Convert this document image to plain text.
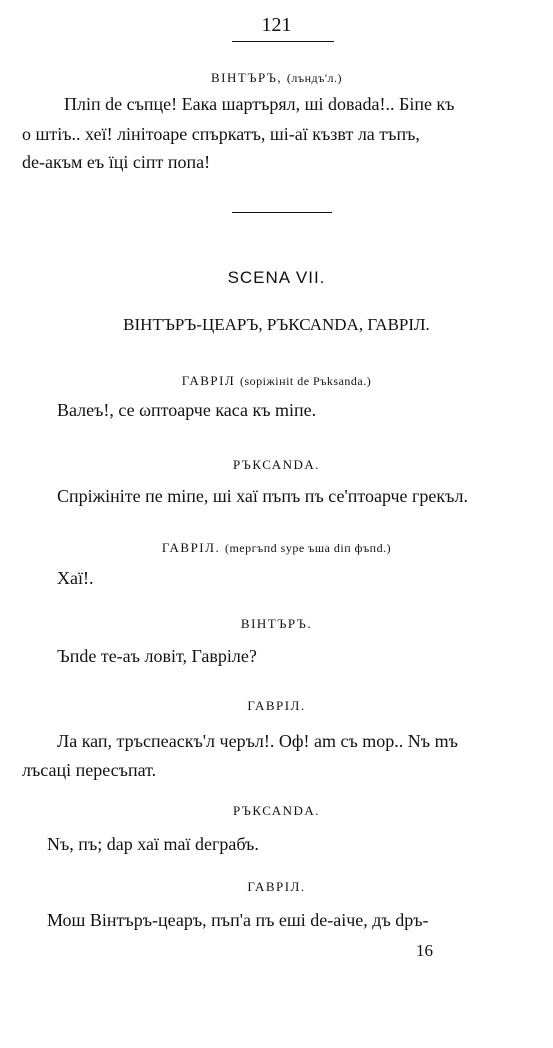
121
ВІНТЪРЪ, (лъндъ'л.)
Пліп de съпце! Еака шартърял, ші dовada!.. Біпе къ
о штіъ.. хеї! лінітоаре спъркатъ, ші-аї къзвт ла тъпъ,
dе-акъм еъ їці сіпт попа!
SCENA VII.
ВІНТЪРЪ-ЦЕАРЪ, РЪКСАNDА, ГАВРІЛ.
ГАВРІЛ (sоріжініt dе Ръksаndа.)
Валеъ!, се ωптоарче каса къ mіпе.
РЪКСАNDА.
Спріжініте пе mіпе, ші хаї пъпъ пъ се'птоарче грекъл.
ГАВРІЛ. (mергъпd sуре ъша dіп фъпd.)
Хаї!.
ВІНТЪРЪ.
Ъпdе те-аъ ловіт, Гавріле?
ГАВРІЛ.
Ла кап, тръспеаскъ'л черъл!. Оф! аm съ mор.. Nъ mъ
лъсаці пересъпат.
РЪКСАNDА.
Nъ, пъ; dар хаї mаї dеграбъ.
ГАВРІЛ.
Мош Вінтъръ-цеаръ, пъп'а пъ еші dе-аіче, дъ dръ-
16
